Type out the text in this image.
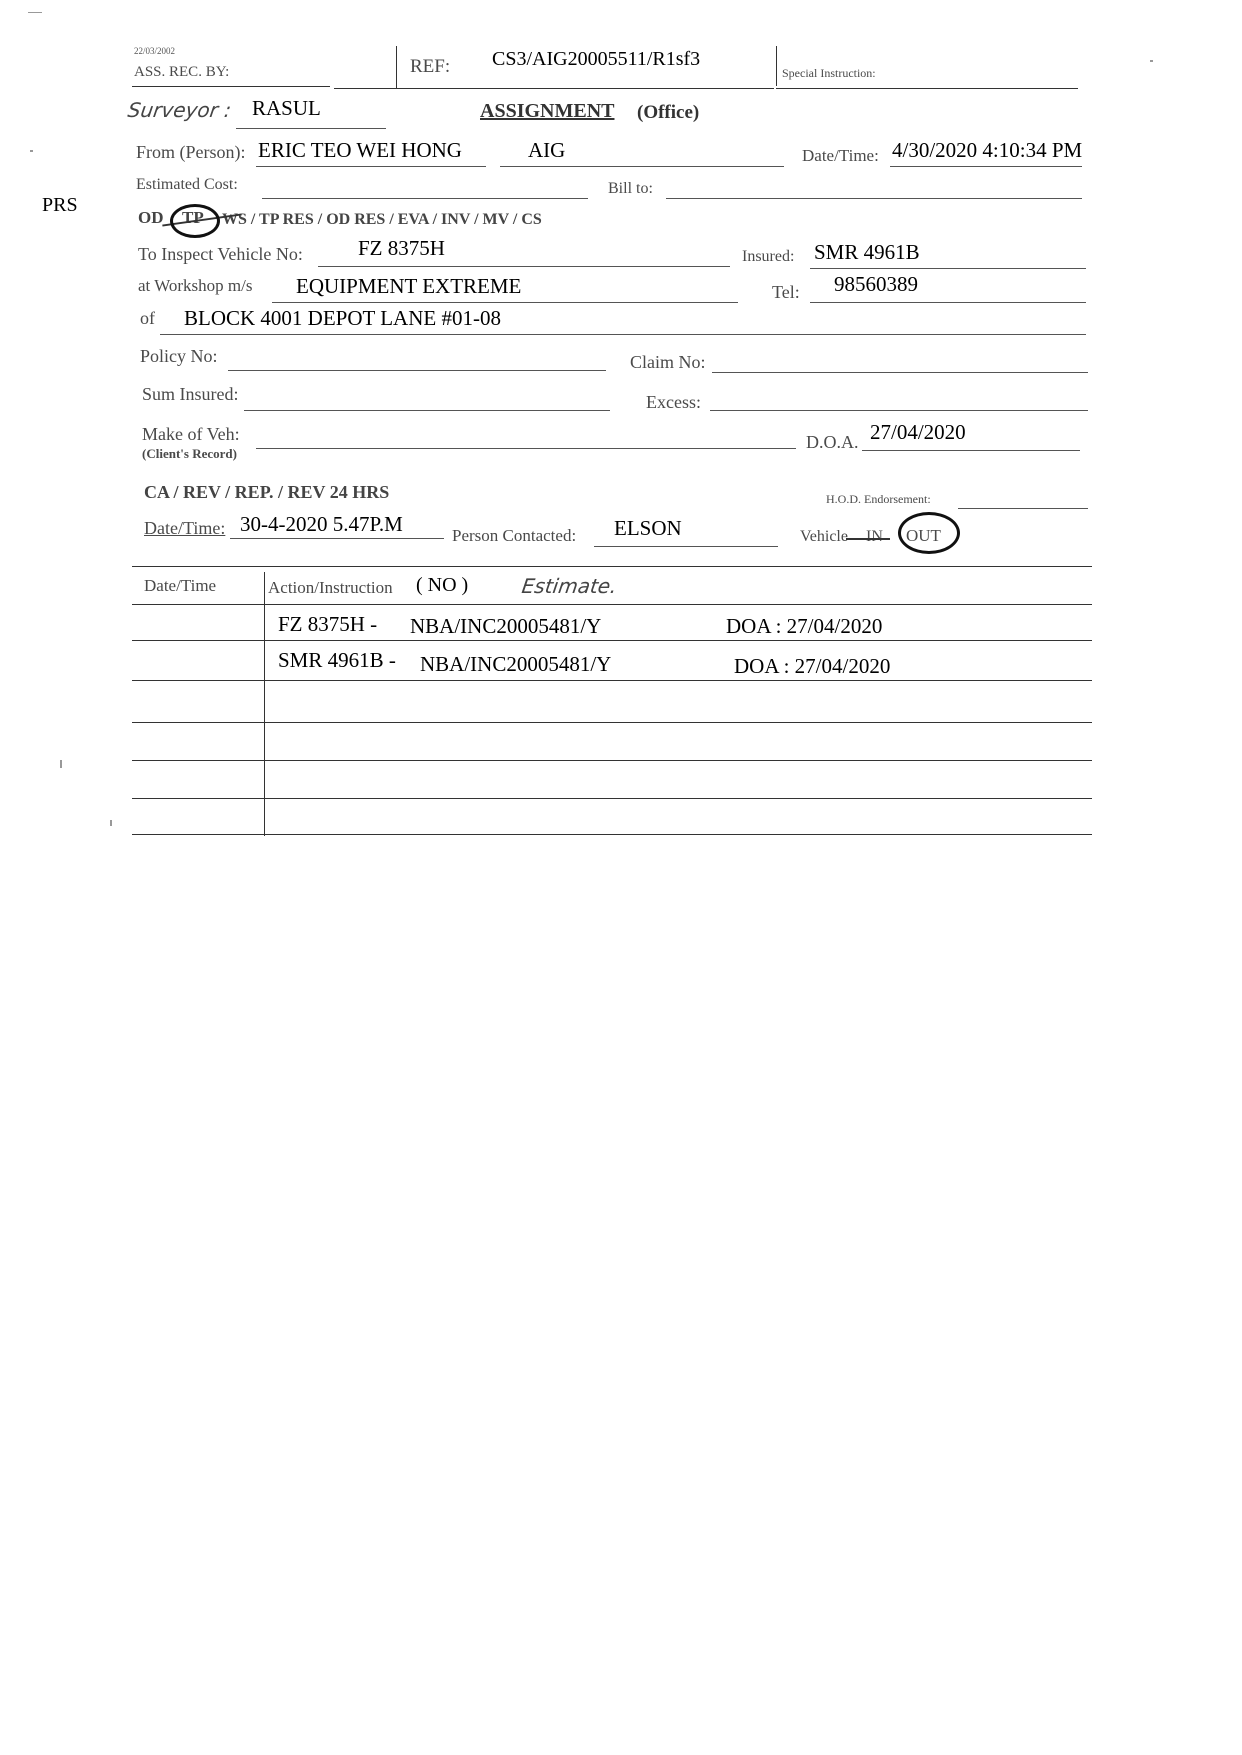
PRS
22/03/2002
ASS. REC. BY:	REF: CS3/AIG20005511/R1sf3
Special Instruction:
Surveyor : RASUL	ASSIGNMENT (Office)
From (Person): ERIC TEO WEI HONG	AIG	Date/Time: 4/30/2020 4:10:34 PM
Estimated Cost:	Bill to:
OD TP WS / TP RES / OD RES / EVA / INV / MV / CS
To Inspect Vehicle No:	FZ 8375H	Insured: SMR 4961B
at Workshop m/s EQUIPMENT EXTREME	Tel: 98560389
of BLOCK 4001 DEPOT LANE #01-08
Policy No:	Claim No:
Sum Insured:	Excess:
Make of Veh:
(Client's Record)
D.O.A. 27/04/2020
CA / REV / REP. / REV 24 HRS	H.O.D. Endorsement:
Date/Time: 30-4-2020 5.47P.M	Person Contacted: ELSON	Vehicle IN OUT
Date/Time	Action/Instruction ( NO )	Estimate.
FZ 8375H - NBA/INC20005481/Y	DOA : 27/04/2020
SMR 4961B - NBA/INC20005481/Y	DOA : 27/04/2020
